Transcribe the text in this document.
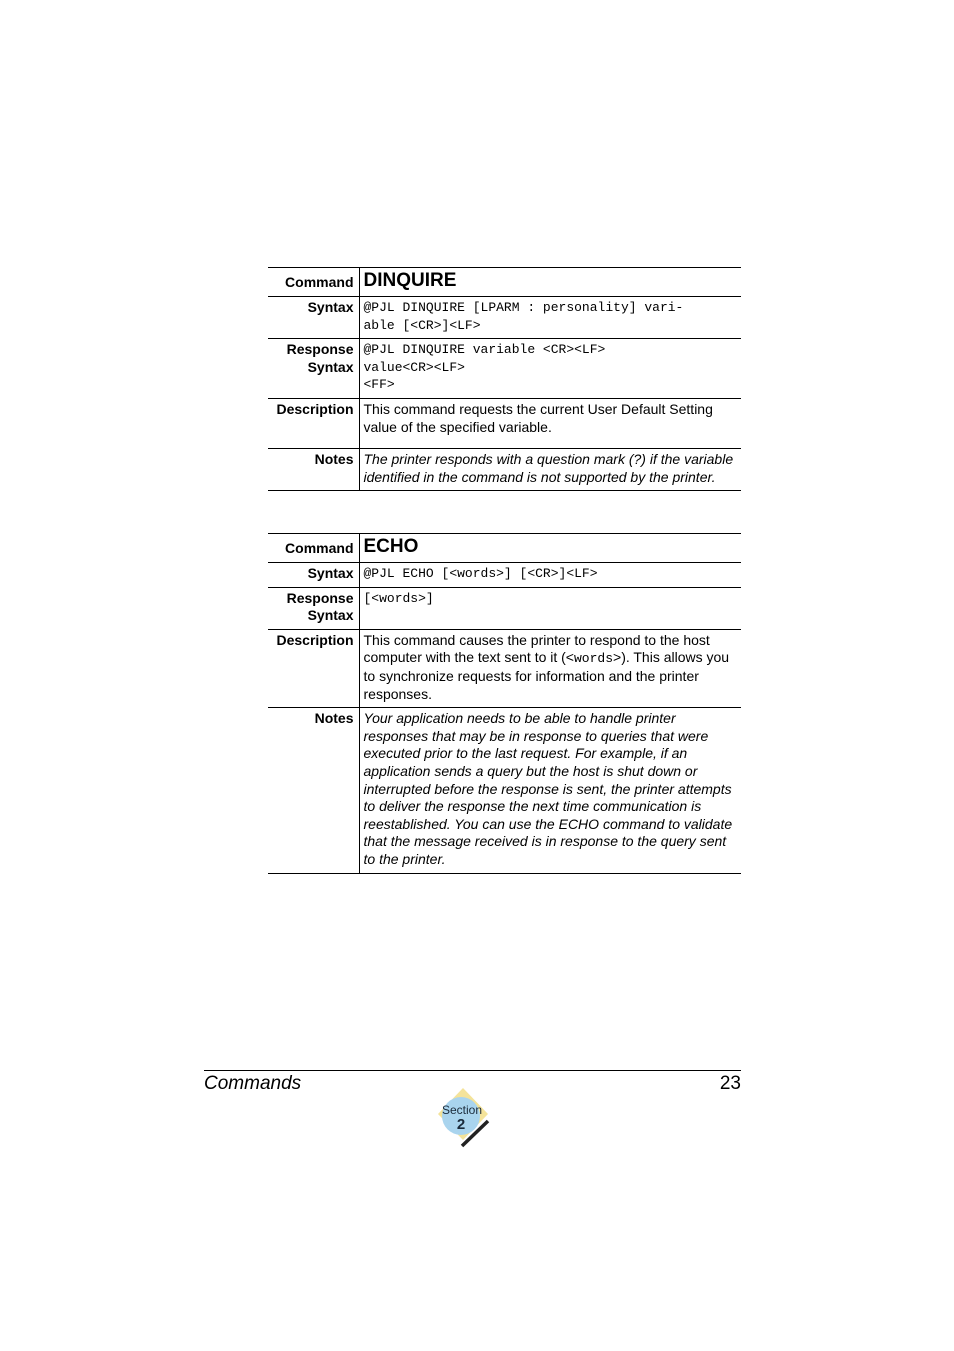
Command	DINQUIRE
Syntax	@PJL DINQUIRE [LPARM : personality] vari-
able [<CR>]<LF>
Response
Syntax	@PJL DINQUIRE variable <CR><LF>
value<CR><LF>
<FF>
Description	This command requests the current User Default Setting value of the specified variable.
Notes	The printer responds with a question mark (?) if the variable identified in the command is not supported by the printer.
Command	ECHO
Syntax	@PJL ECHO [<words>] [<CR>]<LF>
Response
Syntax	[<words>]
Description	This command causes the printer to respond to the host computer with the text sent to it (<words>). This allows you to synchronize requests for information and the printer responses.
Notes	Your application needs to be able to handle printer responses that may be in response to queries that were executed prior to the last request. For example, if an application sends a query but the host is shut down or interrupted before the response is sent, the printer attempts to deliver the response the next time communication is reestablished. You can use the ECHO command to validate that the message received is in response to the query sent to the printer.
Commands	23
Section
2
